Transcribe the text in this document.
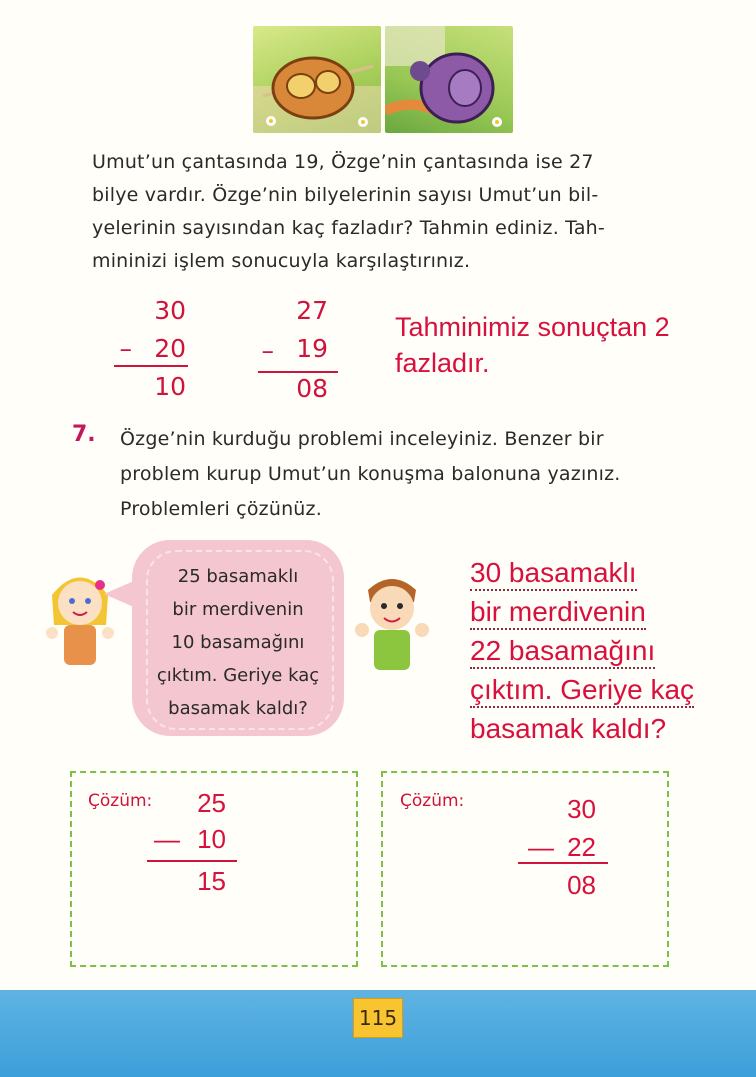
Umut’un çantasında 19, Özge’nin çantasında ise 27
bilye vardır. Özge’nin bilyelerinin sayısı Umut’un bil-
yelerinin sayısından kaç fazladır? Tahmin ediniz. Tah-
mininizi işlem sonucuyla karşılaştırınız.
30
– 20
10
27
– 19
08
Tahminimiz sonuçtan 2
fazladır.
7. Özge’nin kurduğu problemi inceleyiniz. Benzer bir
problem kurup Umut’un konuşma balonuna yazınız.
Problemleri çözünüz.
25 basamaklı
bir merdivenin
10 basamağını
çıktım. Geriye kaç
basamak kaldı?
30 basamaklı
bir merdivenin
22 basamağını
çıktım. Geriye kaç
basamak kaldı?
Çözüm:	25
— 10
15
Çözüm:	30
— 22
08
115
